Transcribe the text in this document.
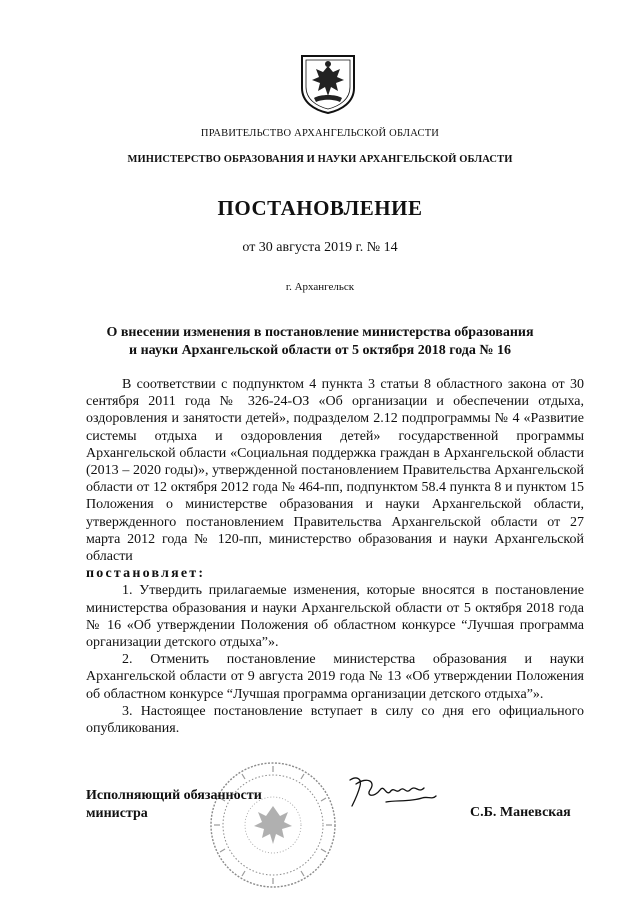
ПРАВИТЕЛЬСТВО АРХАНГЕЛЬСКОЙ ОБЛАСТИ
МИНИСТЕРСТВО ОБРАЗОВАНИЯ И НАУКИ АРХАНГЕЛЬСКОЙ ОБЛАСТИ
ПОСТАНОВЛЕНИЕ
от 30 августа 2019 г. № 14
г. Архангельск
О внесении изменения в постановление министерства образования
и науки Архангельской области от 5 октября 2018 года № 16

В соответствии с подпунктом 4 пункта 3 статьи 8 областного закона от 30 сентября 2011 года № 326-24-ОЗ «Об организации и обеспечении отдыха, оздоровления и занятости детей», подразделом 2.12 подпрограммы № 4 «Развитие системы отдыха и оздоровления детей» государственной программы Архангельской области «Социальная поддержка граждан в Архангельской области (2013 – 2020 годы)», утвержденной постановлением Правительства Архангельской области от 12 октября 2012 года № 464-пп, подпунктом 58.4 пункта 8 и пунктом 15 Положения о министерстве образования и науки Архангельской области, утвержденного постановлением Правительства Архангельской области от 27 марта 2012 года № 120-пп, министерство образования и науки Архангельской области

постановляет:

1. Утвердить прилагаемые изменения, которые вносятся в постановление министерства образования и науки Архангельской области от 5 октября 2018 года № 16 «Об утверждении Положения об областном конкурсе “Лучшая программа организации детского отдыха”».

2. Отменить постановление министерства образования и науки Архангельской области от 9 августа 2019 года № 13 «Об утверждении Положения об областном конкурсе “Лучшая программа организации детского отдыха”».

3. Настоящее постановление вступает в силу со дня его официального опубликования.

Исполняющий обязанности
министра	С.Б. Маневская
